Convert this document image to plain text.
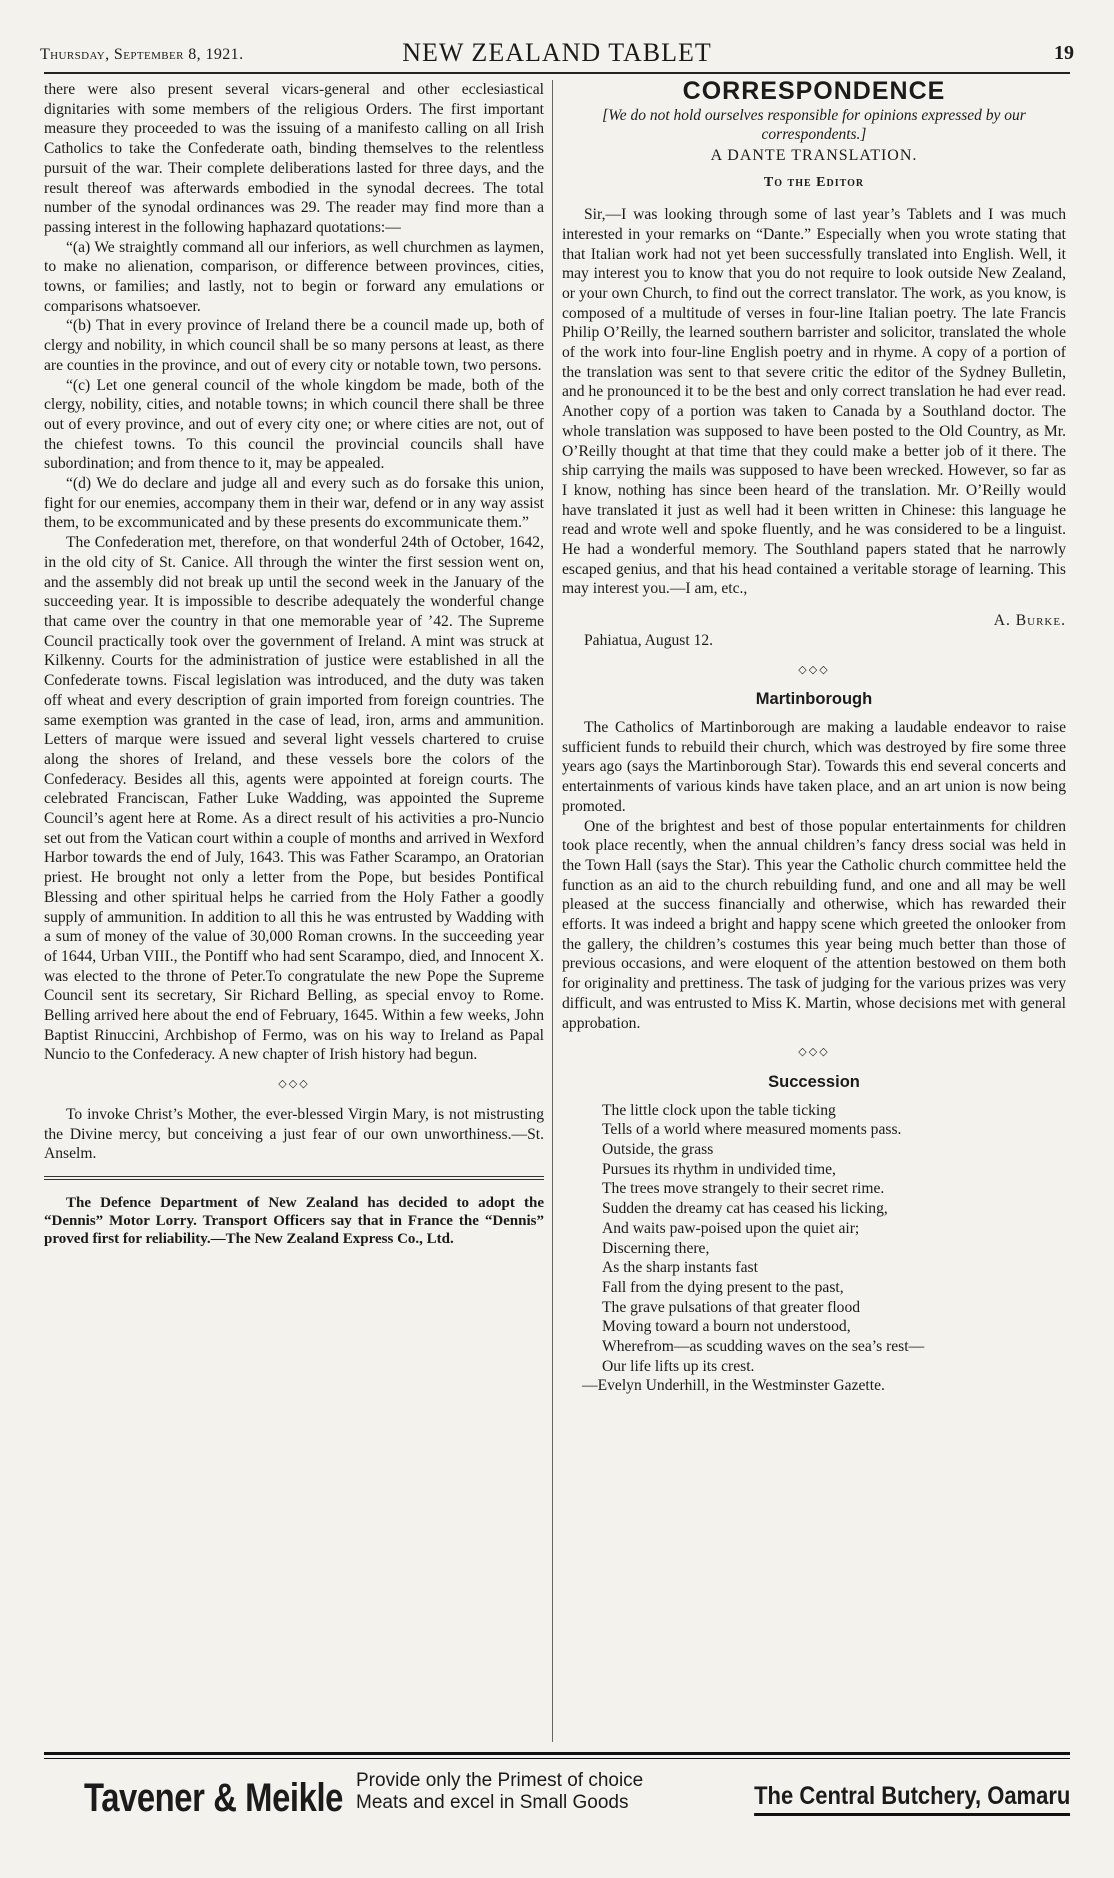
Thursday, September 8, 1921.	NEW ZEALAND TABLET	19

there were also present several vicars-general and other ecclesiastical dignitaries with some members of the religious Orders. The first important measure they proceeded to was the issuing of a manifesto calling on all Irish Catholics to take the Confederate oath, binding themselves to the relentless pursuit of the war. Their complete deliberations lasted for three days, and the result thereof was afterwards embodied in the synodal decrees. The total number of the synodal ordinances was 29. The reader may find more than a passing interest in the following haphazard quotations:—

“(a) We straightly command all our inferiors, as well churchmen as laymen, to make no alienation, comparison, or difference between provinces, cities, towns, or families; and lastly, not to begin or forward any emulations or comparisons whatsoever.

“(b) That in every province of Ireland there be a council made up, both of clergy and nobility, in which council shall be so many persons at least, as there are counties in the province, and out of every city or notable town, two persons.

“(c) Let one general council of the whole kingdom be made, both of the clergy, nobility, cities, and notable towns; in which council there shall be three out of every province, and out of every city one; or where cities are not, out of the chiefest towns. To this council the provincial councils shall have subordination; and from thence to it, may be appealed.

“(d) We do declare and judge all and every such as do forsake this union, fight for our enemies, accompany them in their war, defend or in any way assist them, to be excommunicated and by these presents do excommunicate them.”

The Confederation met, therefore, on that wonderful 24th of October, 1642, in the old city of St. Canice. All through the winter the first session went on, and the assembly did not break up until the second week in the January of the succeeding year. It is impossible to describe adequately the wonderful change that came over the country in that one memorable year of ’42. The Supreme Council practically took over the government of Ireland. A mint was struck at Kilkenny. Courts for the administration of justice were established in all the Confederate towns. Fiscal legislation was introduced, and the duty was taken off wheat and every description of grain imported from foreign countries. The same exemption was granted in the case of lead, iron, arms and ammunition. Letters of marque were issued and several light vessels chartered to cruise along the shores of Ireland, and these vessels bore the colors of the Confederacy. Besides all this, agents were appointed at foreign courts. The celebrated Franciscan, Father Luke Wadding, was appointed the Supreme Council’s agent here at Rome. As a direct result of his activities a pro-Nuncio set out from the Vatican court within a couple of months and arrived in Wexford Harbor towards the end of July, 1643. This was Father Scarampo, an Oratorian priest. He brought not only a letter from the Pope, but besides Pontifical Blessing and other spiritual helps he carried from the Holy Father a goodly supply of ammunition. In addition to all this he was entrusted by Wadding with a sum of money of the value of 30,000 Roman crowns. In the succeeding year of 1644, Urban VIII., the Pontiff who had sent Scarampo, died, and Innocent X. was elected to the throne of Peter.To congratulate the new Pope the Supreme Council sent its secretary, Sir Richard Belling, as special envoy to Rome. Belling arrived here about the end of February, 1645. Within a few weeks, John Baptist Rinuccini, Archbishop of Fermo, was on his way to Ireland as Papal Nuncio to the Confederacy. A new chapter of Irish history had begun.

◇◇◇

To invoke Christ’s Mother, the ever-blessed Virgin Mary, is not mistrusting the Divine mercy, but conceiving a just fear of our own unworthiness.—St. Anselm.

The Defence Department of New Zealand has decided to adopt the “Dennis” Motor Lorry. Transport Officers say that in France the “Dennis” proved first for reliability.—The New Zealand Express Co., Ltd.

CORRESPONDENCE
[We do not hold ourselves responsible for opinions expressed by our correspondents.]
A DANTE TRANSLATION.
To the Editor

Sir,—I was looking through some of last year’s Tablets and I was much interested in your remarks on “Dante.” Especially when you wrote stating that that Italian work had not yet been successfully translated into English. Well, it may interest you to know that you do not require to look outside New Zealand, or your own Church, to find out the correct translator. The work, as you know, is composed of a multitude of verses in four-line Italian poetry. The late Francis Philip O’Reilly, the learned southern barrister and solicitor, translated the whole of the work into four-line English poetry and in rhyme. A copy of a portion of the translation was sent to that severe critic the editor of the Sydney Bulletin, and he pronounced it to be the best and only correct translation he had ever read. Another copy of a portion was taken to Canada by a Southland doctor. The whole translation was supposed to have been posted to the Old Country, as Mr. O’Reilly thought at that time that they could make a better job of it there. The ship carrying the mails was supposed to have been wrecked. However, so far as I know, nothing has since been heard of the translation. Mr. O’Reilly would have translated it just as well had it been written in Chinese: this language he read and wrote well and spoke fluently, and he was considered to be a linguist. He had a wonderful memory. The Southland papers stated that he narrowly escaped genius, and that his head contained a veritable storage of learning. This may interest you.—I am, etc.,

A. Burke.

Pahiatua, August 12.

◇◇◇
Martinborough

The Catholics of Martinborough are making a laudable endeavor to raise sufficient funds to rebuild their church, which was destroyed by fire some three years ago (says the Martinborough Star). Towards this end several concerts and entertainments of various kinds have taken place, and an art union is now being promoted.

One of the brightest and best of those popular entertainments for children took place recently, when the annual children’s fancy dress social was held in the Town Hall (says the Star). This year the Catholic church committee held the function as an aid to the church rebuilding fund, and one and all may be well pleased at the success financially and otherwise, which has rewarded their efforts. It was indeed a bright and happy scene which greeted the onlooker from the gallery, the children’s costumes this year being much better than those of previous occasions, and were eloquent of the attention bestowed on them both for originality and prettiness. The task of judging for the various prizes was very difficult, and was entrusted to Miss K. Martin, whose decisions met with general approbation.

◇◇◇
Succession
The little clock upon the table ticking
Tells of a world where measured moments pass.
Outside, the grass
Pursues its rhythm in undivided time,
The trees move strangely to their secret rime.
Sudden the dreamy cat has ceased his licking,
And waits paw-poised upon the quiet air;
Discerning there,
As the sharp instants fast
Fall from the dying present to the past,
The grave pulsations of that greater flood
Moving toward a bourn not understood,
Wherefrom—as scudding waves on the sea’s rest—
Our life lifts up its crest.
—Evelyn Underhill, in the Westminster Gazette.
Tavener & Meikle Provide only the Primest of choice
Meats and excel in Small Goods	The Central Butchery, Oamaru
